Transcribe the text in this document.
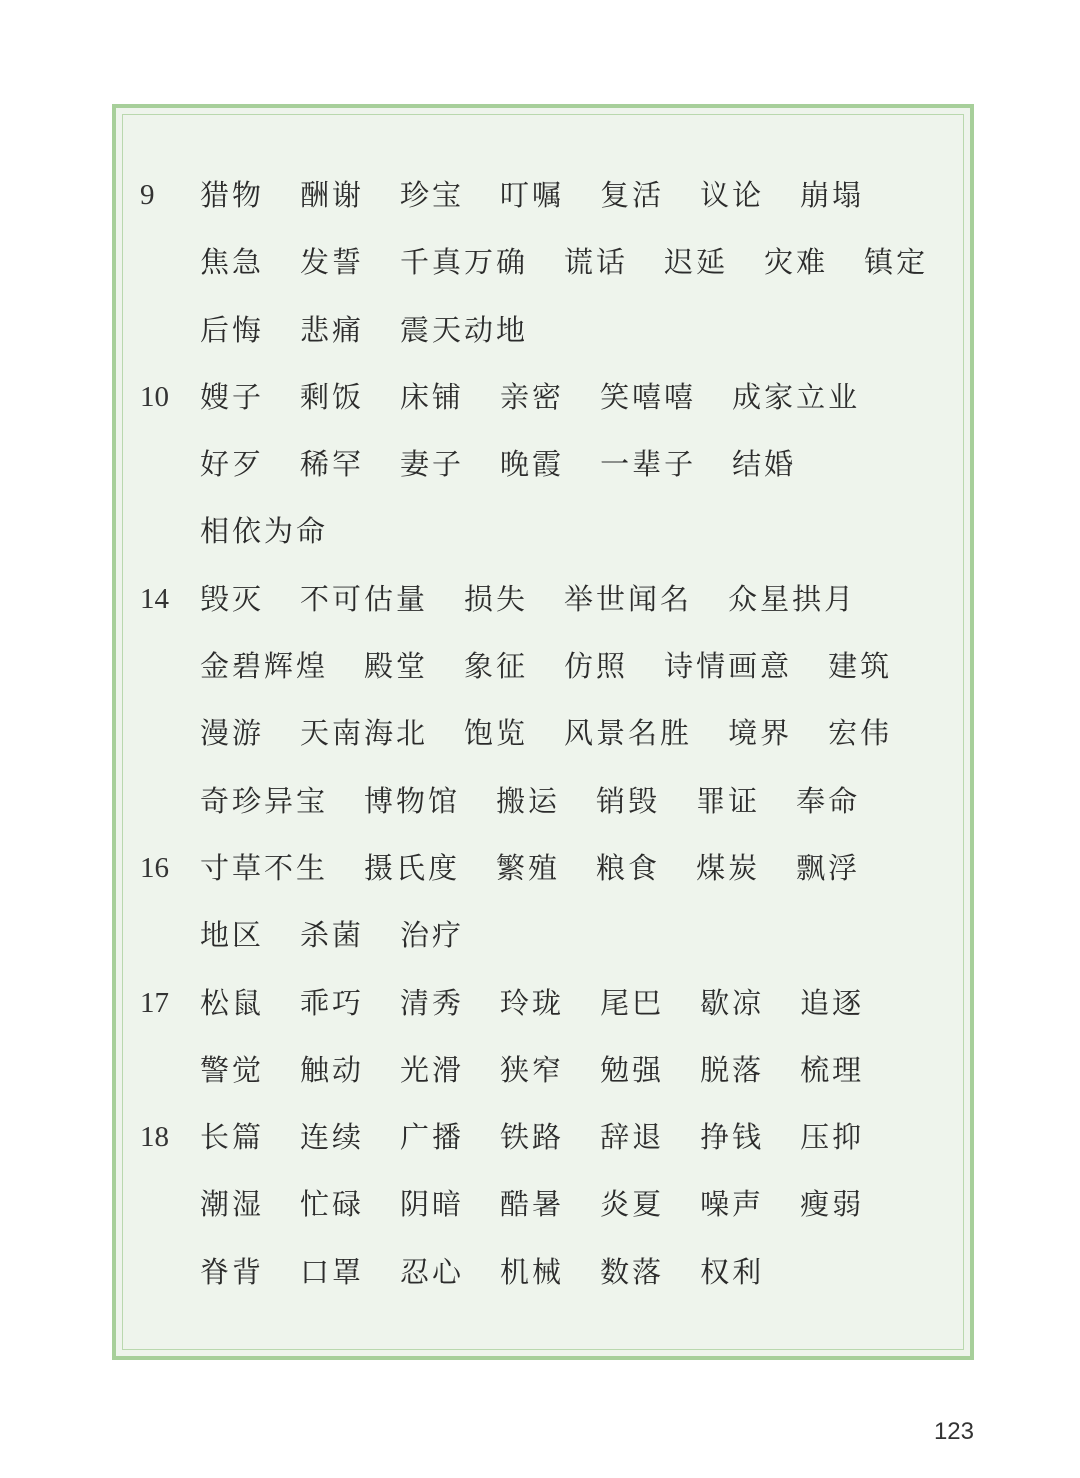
9	猎物 酬谢 珍宝 叮嘱 复活 议论 崩塌
焦急 发誓 千真万确 谎话 迟延 灾难 镇定
后悔 悲痛 震天动地
10	嫂子 剩饭 床铺 亲密 笑嘻嘻 成家立业
好歹 稀罕 妻子 晚霞 一辈子 结婚
相依为命
14	毁灭 不可估量 损失 举世闻名 众星拱月
金碧辉煌 殿堂 象征 仿照 诗情画意 建筑
漫游 天南海北 饱览 风景名胜 境界 宏伟
奇珍异宝 博物馆 搬运 销毁 罪证 奉命
16	寸草不生 摄氏度 繁殖 粮食 煤炭 飘浮
地区 杀菌 治疗
17	松鼠 乖巧 清秀 玲珑 尾巴 歇凉 追逐
警觉 触动 光滑 狭窄 勉强 脱落 梳理
18	长篇 连续 广播 铁路 辞退 挣钱 压抑
潮湿 忙碌 阴暗 酷暑 炎夏 噪声 瘦弱
脊背 口罩 忍心 机械 数落 权利
123
